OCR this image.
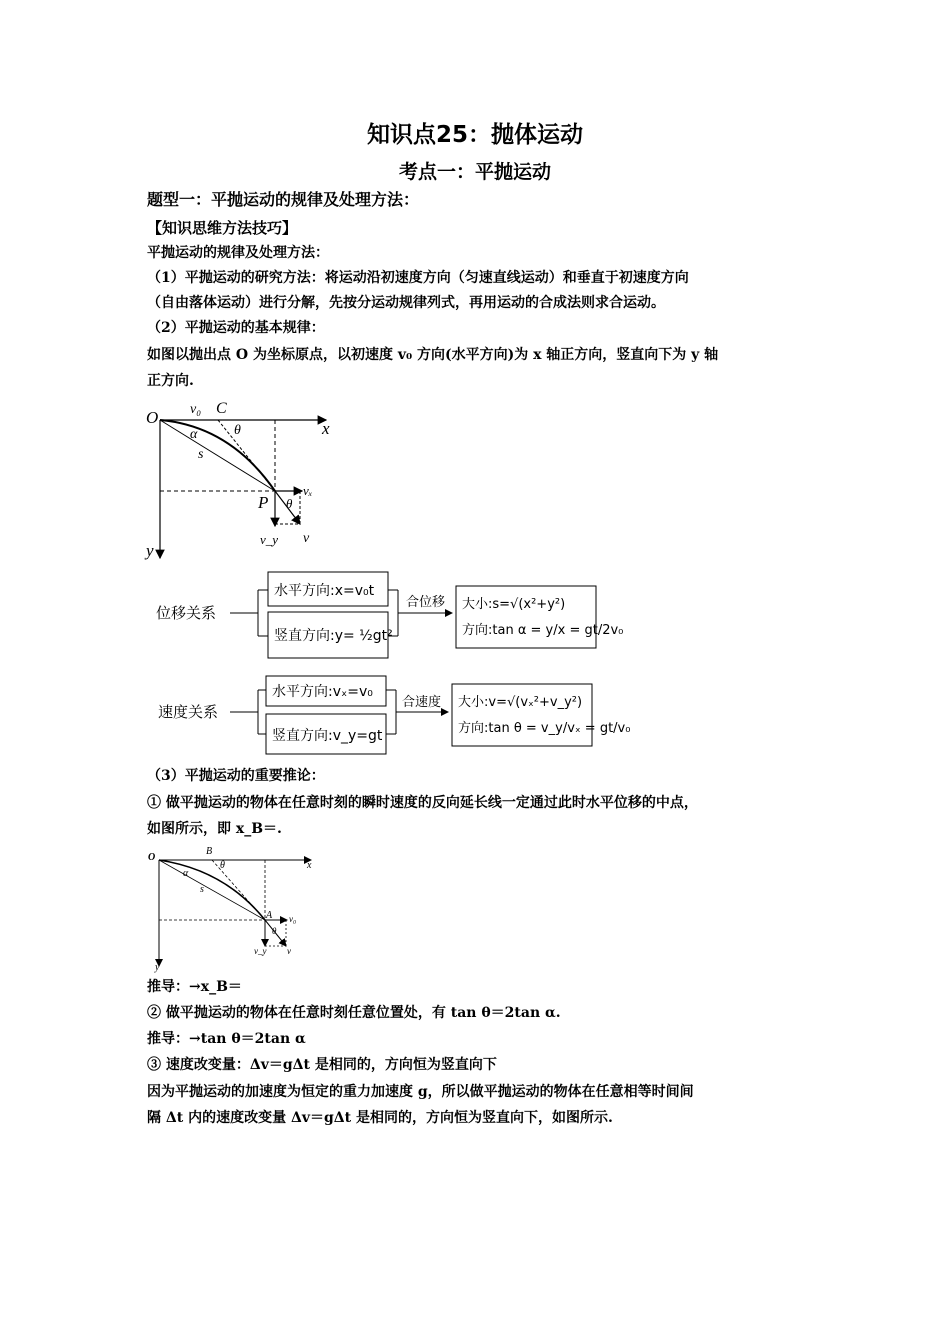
知识点25：抛体运动
考点一：平抛运动
题型一：平抛运动的规律及处理方法：
【知识思维方法技巧】
平抛运动的规律及处理方法：
（1）平抛运动的研究方法：将运动沿初速度方向（匀速直线运动）和垂直于初速度方向
（自由落体运动）进行分解，先按分运动规律列式，再用运动的合成法则求合运动。
（2）平抛运动的基本规律：
如图以抛出点 O 为坐标原点，以初速度 v₀ 方向(水平方向)为 x 轴正方向，竖直向下为 y 轴
正方向.
O v₀ C
θ	x
α
s
P
vₓ
θ
v_y v
y
位移关系
水平方向:x=v₀t
竖直方向:y= ½gt²
合位移 大小:s=√(x²+y²)
方向:tan α = y/x = gt/2v₀
速度关系
水平方向:vₓ=v₀
竖直方向:v_y=gt
合速度 大小:v=√(vₓ²+v_y²)
方向:tan θ = v_y/vₓ = gt/v₀
（3）平抛运动的重要推论：
① 做平抛运动的物体在任意时刻的瞬时速度的反向延长线一定通过此时水平位移的中点，
如图所示，即 x_B＝.
O
B
θ	x
α
s
A v₀
θ
v_y v
y
推导：→x_B＝
② 做平抛运动的物体在任意时刻任意位置处，有 tan θ＝2tan α.
推导：→tan θ＝2tan α
③ 速度改变量：Δv＝gΔt 是相同的，方向恒为竖直向下
因为平抛运动的加速度为恒定的重力加速度 g，所以做平抛运动的物体在任意相等时间间
隔 Δt 内的速度改变量 Δv＝gΔt 是相同的，方向恒为竖直向下，如图所示.
